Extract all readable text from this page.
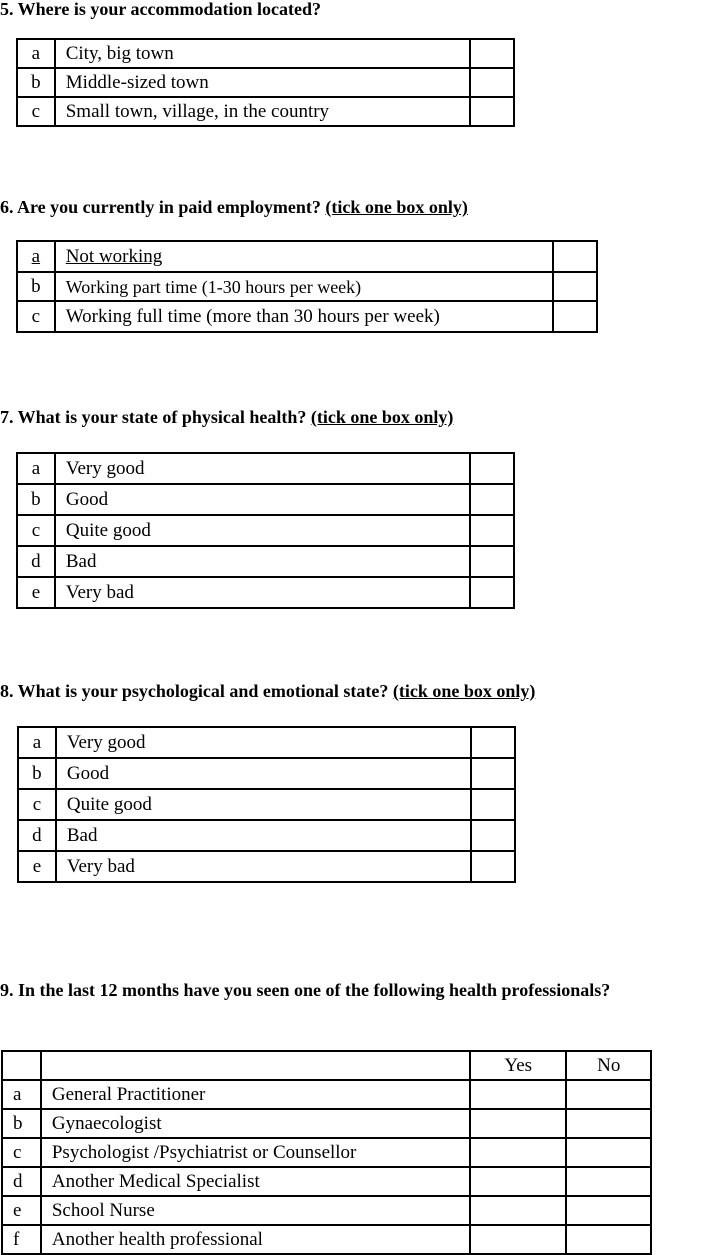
5. Where is your accommodation located?

a	City, big town	
b	Middle-sized town	
c	Small town, village, in the country	

6. Are you currently in paid employment? (tick one box only)

a	Not working	
b	Working part time (1-30 hours per week)	
c	Working full time (more than 30 hours per week)	

7. What is your state of physical health? (tick one box only)

a	Very good	
b	Good	
c	Quite good	
d	Bad	
e	Very bad	

8. What is your psychological and emotional state? (tick one box only)

a	Very good	
b	Good	
c	Quite good	
d	Bad	
e	Very bad	

9. In the last 12 months have you seen one of the following health professionals?

		Yes	No
a	General Practitioner		
b	Gynaecologist		
c	Psychologist /Psychiatrist or Counsellor		
d	Another Medical Specialist		
e	School Nurse		
f	Another health professional		
